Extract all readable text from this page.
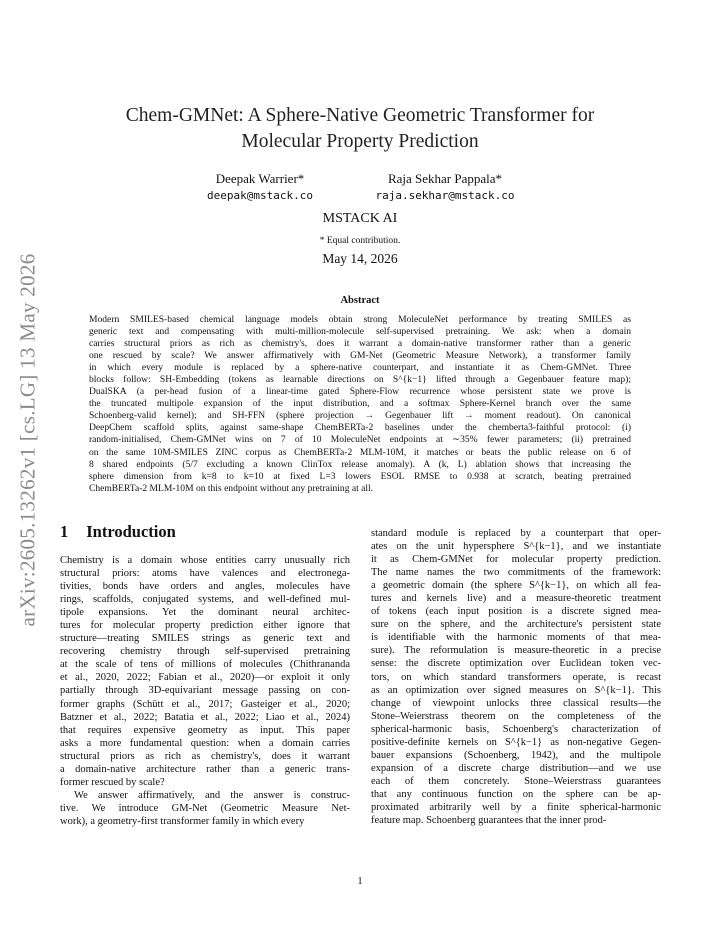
arXiv:2605.13262v1 [cs.LG] 13 May 2026
Chem-GMNet: A Sphere-Native Geometric Transformer for
Molecular Property Prediction
Deepak Warrier*
deepak@mstack.co
Raja Sekhar Pappala*
raja.sekhar@mstack.co
MSTACK AI
* Equal contribution.
May 14, 2026
Abstract
Modern SMILES-based chemical language models obtain strong MoleculeNet performance by treating SMILES as
generic text and compensating with multi-million-molecule self-supervised pretraining. We ask: when a domain
carries structural priors as rich as chemistry's, does it warrant a domain-native transformer rather than a generic
one rescued by scale? We answer affirmatively with GM-Net (Geometric Measure Network), a transformer family
in which every module is replaced by a sphere-native counterpart, and instantiate it as Chem-GMNet. Three
blocks follow: SH-Embedding (tokens as learnable directions on S^{k−1} lifted through a Gegenbauer feature map);
DualSKA (a per-head fusion of a linear-time gated Sphere-Flow recurrence whose persistent state we prove is
the truncated multipole expansion of the input distribution, and a softmax Sphere-Kernel branch over the same
Schoenberg-valid kernel); and SH-FFN (sphere projection → Gegenbauer lift → moment readout). On canonical
DeepChem scaffold splits, against same-shape ChemBERTa-2 baselines under the chemberta3-faithful protocol: (i)
random-initialised, Chem-GMNet wins on 7 of 10 MoleculeNet endpoints at ∼35% fewer parameters; (ii) pretrained
on the same 10M-SMILES ZINC corpus as ChemBERTa-2 MLM-10M, it matches or beats the public release on 6 of
8 shared endpoints (5/7 excluding a known ClinTox release anomaly). A (k, L) ablation shows that increasing the
sphere dimension from k=8 to k=10 at fixed L=3 lowers ESOL RMSE to 0.938 at scratch, beating pretrained
ChemBERTa-2 MLM-10M on this endpoint without any pretraining at all.
1 Introduction
Chemistry is a domain whose entities carry unusually rich
structural priors: atoms have valences and electronega-
tivities, bonds have orders and angles, molecules have
rings, scaffolds, conjugated systems, and well-defined mul-
tipole expansions. Yet the dominant neural architec-
tures for molecular property prediction either ignore that
structure—treating SMILES strings as generic text and
recovering chemistry through self-supervised pretraining
at the scale of tens of millions of molecules (Chithrananda
et al., 2020, 2022; Fabian et al., 2020)—or exploit it only
partially through 3D-equivariant message passing on con-
former graphs (Schütt et al., 2017; Gasteiger et al., 2020;
Batzner et al., 2022; Batatia et al., 2022; Liao et al., 2024)
that requires expensive geometry as input. This paper
asks a more fundamental question: when a domain carries
structural priors as rich as chemistry's, does it warrant
a domain-native architecture rather than a generic trans-
former rescued by scale?
We answer affirmatively, and the answer is construc-
tive. We introduce GM-Net (Geometric Measure Net-
work), a geometry-first transformer family in which every
standard module is replaced by a counterpart that oper-
ates on the unit hypersphere S^{k−1}, and we instantiate
it as Chem-GMNet for molecular property prediction.
The name names the two commitments of the framework:
a geometric domain (the sphere S^{k−1}, on which all fea-
tures and kernels live) and a measure-theoretic treatment
of tokens (each input position is a discrete signed mea-
sure on the sphere, and the architecture's persistent state
is identifiable with the harmonic moments of that mea-
sure). The reformulation is measure-theoretic in a precise
sense: the discrete optimization over Euclidean token vec-
tors, on which standard transformers operate, is recast
as an optimization over signed measures on S^{k−1}. This
change of viewpoint unlocks three classical results—the
Stone–Weierstrass theorem on the completeness of the
spherical-harmonic basis, Schoenberg's characterization of
positive-definite kernels on S^{k−1} as non-negative Gegen-
bauer expansions (Schoenberg, 1942), and the multipole
expansion of a discrete charge distribution—and we use
each of them concretely. Stone–Weierstrass guarantees
that any continuous function on the sphere can be ap-
proximated arbitrarily well by a finite spherical-harmonic
feature map. Schoenberg guarantees that the inner prod-
1
